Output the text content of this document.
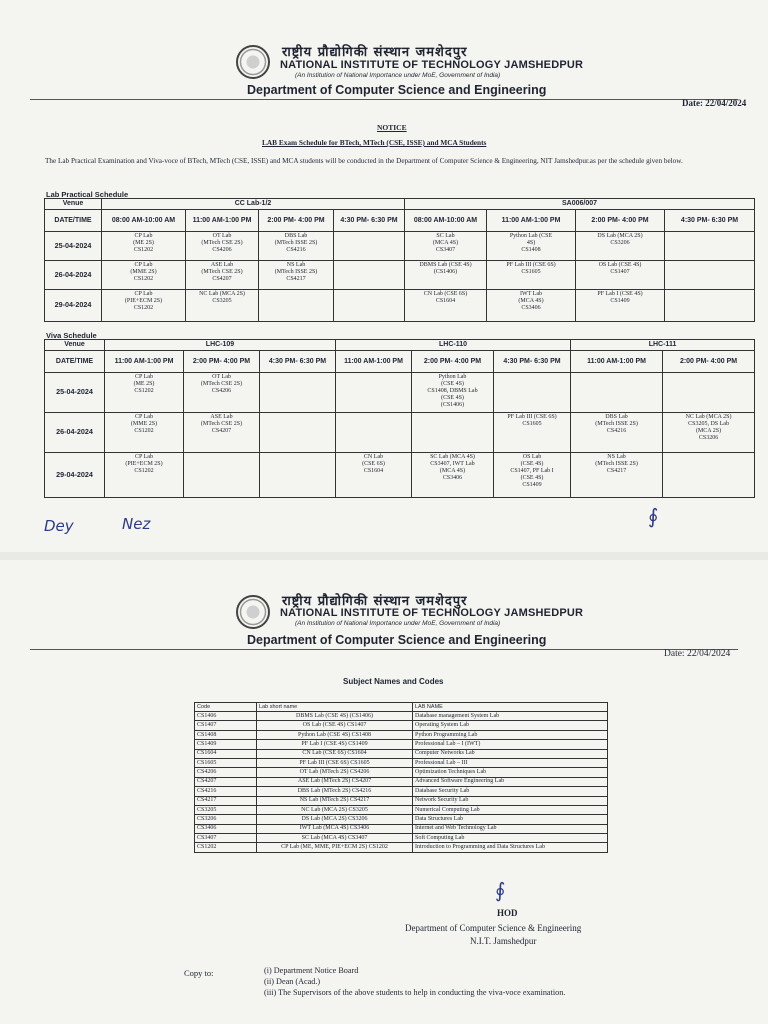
राष्ट्रीय प्रौद्योगिकी संस्थान जमशेदपुर
NATIONAL INSTITUTE OF TECHNOLOGY JAMSHEDPUR
(An Institution of National Importance under MoE, Government of India)
Department of Computer Science and Engineering
Date: 22/04/2024
NOTICE
LAB Exam Schedule for BTech, MTech (CSE, ISSE) and MCA Students
The Lab Practical Examination and Viva-voce of BTech, MTech (CSE, ISSE) and MCA students will be conducted in the Department of Computer Science & Engineering, NIT Jamshedpur.as per the schedule given below.
Lab Practical Schedule
Venue	CC Lab-1/2				SA006/007			
DATE/TIME	08:00 AM-10:00 AM	11:00 AM-1:00 PM	2:00 PM- 4:00 PM	4:30 PM- 6:30 PM	08:00 AM-10:00 AM	11:00 AM-1:00 PM	2:00 PM- 4:00 PM	4:30 PM- 6:30 PM
25-04-2024	CP Lab
(ME 2S)
CS1202	OT Lab
(MTech CSE 2S)
CS4206	DBS Lab
(MTech ISSE 2S)
CS4216		SC Lab
(MCA 4S)
CS3407	Python Lab (CSE
4S)
CS1408	DS Lab (MCA 2S)
CS3206	
26-04-2024	CP Lab
(MME 2S)
CS1202	ASE Lab
(MTech CSE 2S)
CS4207	NS Lab
(MTech ISSE 2S)
CS4217		DBMS Lab (CSE 4S)
(CS1406)	PF Lab III (CSE 6S)
CS1605	OS Lab (CSE 4S)
CS1407	
29-04-2024	CP Lab
(PIE+ECM 2S)
CS1202	NC Lab (MCA 2S)
CS3205			CN Lab (CSE 6S)
CS1604	IWT Lab
(MCA 4S)
CS3406	PF Lab I (CSE 4S)
CS1409	
Viva Schedule
Venue	LHC-109			LHC-110			LHC-111	
DATE/TIME	11:00 AM-1:00 PM	2:00 PM- 4:00 PM	4:30 PM- 6:30 PM	11:00 AM-1:00 PM	2:00 PM- 4:00 PM	4:30 PM- 6:30 PM	11:00 AM-1:00 PM	2:00 PM- 4:00 PM
25-04-2024	CP Lab
(ME 2S)
CS1202	OT Lab
(MTech CSE 2S)
CS4206			Python Lab
(CSE 4S)
CS1408, DBMS Lab
(CSE 4S)
(CS1406)			
26-04-2024	CP Lab
(MME 2S)
CS1202	ASE Lab
(MTech CSE 2S)
CS4207				PF Lab III (CSE 6S)
CS1605	DBS Lab
(MTech ISSE 2S)
CS4216	NC Lab (MCA 2S)
CS3205, DS Lab
(MCA 2S)
CS3206
29-04-2024	CP Lab
(PIE+ECM 2S)
CS1202			CN Lab
(CSE 6S)
CS1604	SC Lab (MCA 4S)
CS3407, IWT Lab
(MCA 4S)
CS3406	OS Lab
(CSE 4S)
CS1407, PF Lab I
(CSE 4S)
CS1409	NS Lab
(MTech ISSE 2S)
CS4217	
Dey	Nez	∮
राष्ट्रीय प्रौद्योगिकी संस्थान जमशेदपुर
NATIONAL INSTITUTE OF TECHNOLOGY JAMSHEDPUR
(An Institution of National Importance under MoE, Government of India)
Department of Computer Science and Engineering
Date: 22/04/2024
Subject Names and Codes
Code	Lab short name	LAB NAME
CS1406	DBMS Lab (CSE 4S) (CS1406)	Database management System Lab
CS1407	OS Lab (CSE 4S) CS1407	Operating System Lab
CS1408	Python Lab (CSE 4S) CS1408	Python Programming Lab
CS1409	PF Lab I (CSE 4S) CS1409	Professional Lab – I (IWT)
CS1604	CN Lab (CSE 6S) CS1604	Computer Networks Lab
CS1605	PF Lab III (CSE 6S) CS1605	Professional Lab – III
CS4206	OT Lab (MTech 2S) CS4206	Optimization Techniques Lab
CS4207	ASE Lab (MTech 2S) CS4207	Advanced Software Engineering Lab
CS4216	DBS Lab (MTech 2S) CS4216	Database Security Lab
CS4217	NS Lab (MTech 2S) CS4217	Network Security Lab
CS3205	NC Lab (MCA 2S) CS3205	Numerical Computing Lab
CS3206	DS Lab (MCA 2S) CS3206	Data Structures Lab
CS3406	IWT Lab (MCA 4S) CS3406	Internet and Web Technology Lab
CS3407	SC Lab (MCA 4S) CS3407	Soft Computing Lab
CS1202	CP Lab (ME, MME, PIE+ECM 2S) CS1202	Introduction to Programming and Data Structures Lab
∮
HOD
Department of Computer Science & Engineering
N.I.T. Jamshedpur
Copy to:	(i) Department Notice Board
(ii) Dean (Acad.)
(iii) The Supervisors of the above students to help in conducting the viva-voce examination.
